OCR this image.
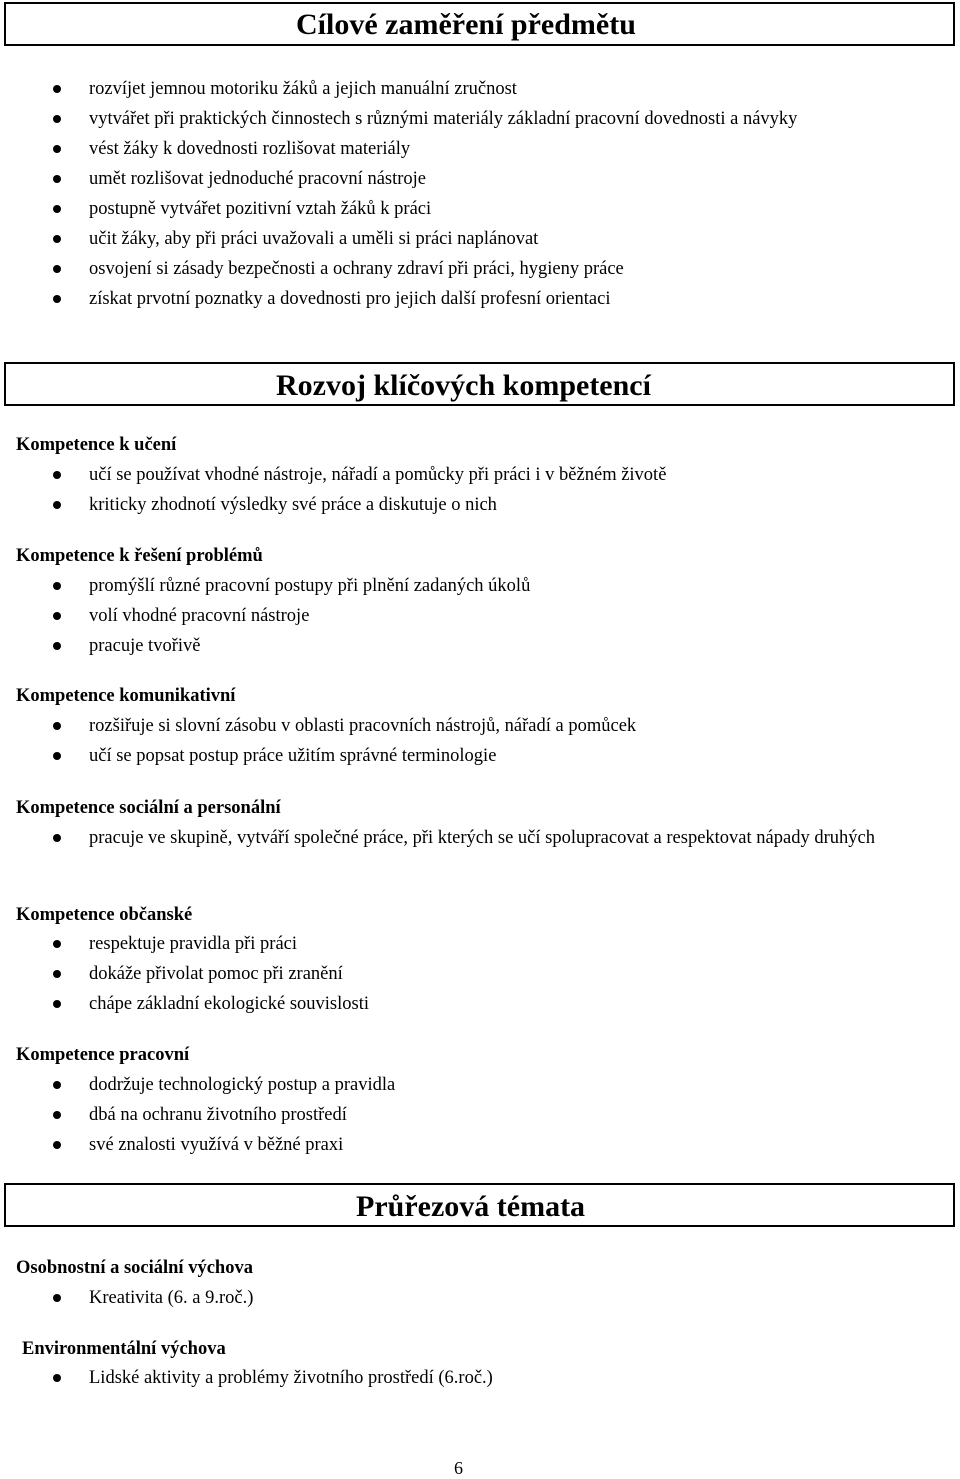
Cílové zaměření předmětu
rozvíjet jemnou motoriku žáků a jejich manuální zručnost
vytvářet při praktických činnostech s různými materiály základní pracovní dovednosti a návyky
vést žáky k dovednosti rozlišovat materiály
umět rozlišovat jednoduché pracovní nástroje
postupně vytvářet pozitivní vztah žáků k práci
učit žáky, aby při práci uvažovali a uměli si práci naplánovat
osvojení si zásady bezpečnosti a ochrany zdraví při práci, hygieny práce
získat prvotní poznatky a dovednosti pro jejich další profesní orientaci
Rozvoj klíčových kompetencí
Kompetence k učení
učí se používat vhodné nástroje, nářadí a pomůcky při práci i v běžném životě
kriticky zhodnotí výsledky své práce a diskutuje o nich
Kompetence k řešení problémů
promýšlí různé pracovní postupy při plnění zadaných úkolů
volí vhodné pracovní nástroje
pracuje tvořivě
Kompetence komunikativní
rozšiřuje si slovní zásobu v oblasti pracovních nástrojů, nářadí a pomůcek
učí se popsat postup práce užitím správné terminologie
Kompetence sociální a personální
pracuje ve skupině, vytváří společné práce, při kterých se učí spolupracovat a respektovat nápady druhých
Kompetence občanské
respektuje pravidla při práci
dokáže přivolat pomoc při zranění
chápe základní ekologické souvislosti
Kompetence pracovní
dodržuje technologický postup a pravidla
dbá na ochranu životního prostředí
své znalosti využívá v běžné praxi
Průřezová témata
Osobnostní a sociální výchova
Kreativita (6. a 9.roč.)
Environmentální výchova
Lidské aktivity a problémy životního prostředí (6.roč.)
6
